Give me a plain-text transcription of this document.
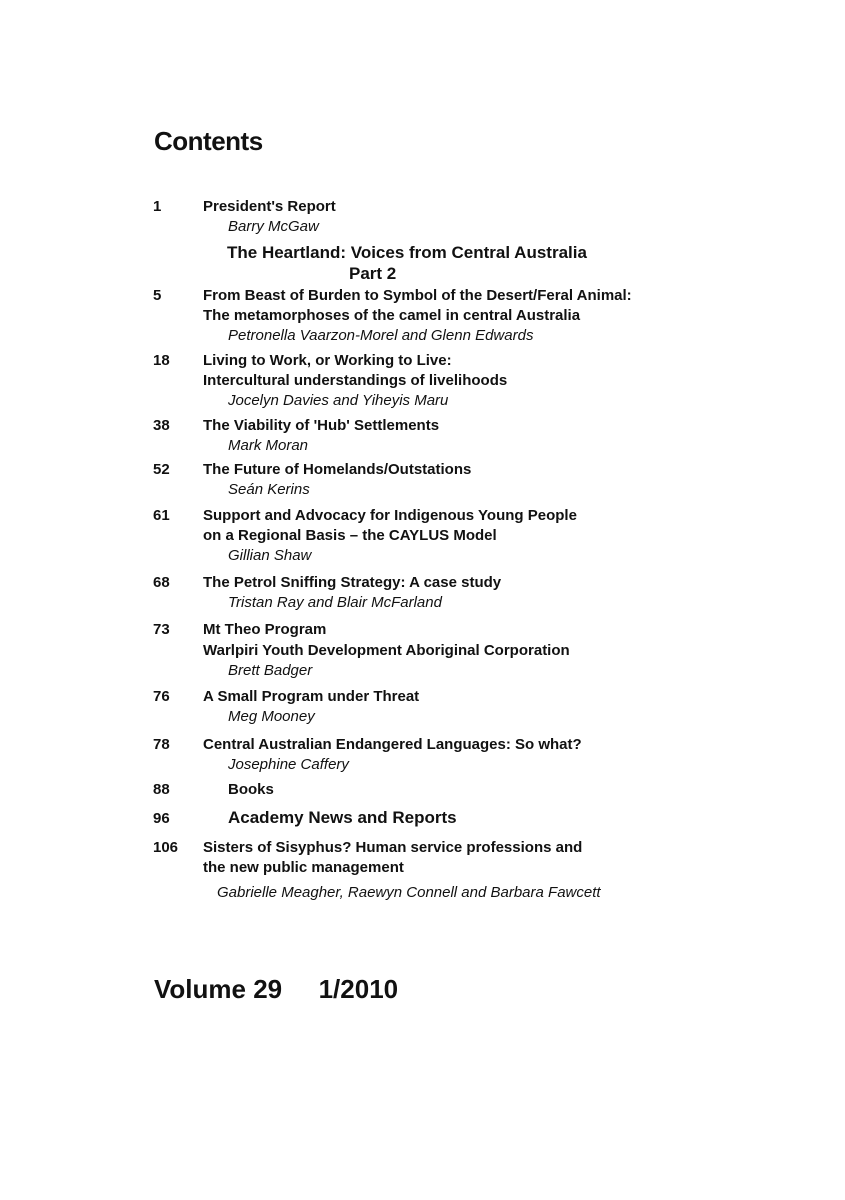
Contents
1	President's Report
Barry McGaw
The Heartland: Voices from Central Australia
Part 2
5	From Beast of Burden to Symbol of the Desert/Feral Animal:
The metamorphoses of the camel in central Australia
Petronella Vaarzon-Morel and Glenn Edwards
18 Living to Work, or Working to Live:
Intercultural understandings of livelihoods
Jocelyn Davies and Yiheyis Maru
38 The Viability of 'Hub' Settlements
Mark Moran
52 The Future of Homelands/Outstations
Seán Kerins
61 Support and Advocacy for Indigenous Young People
on a Regional Basis – the CAYLUS Model
Gillian Shaw
68 The Petrol Sniffing Strategy: A case study
Tristan Ray and Blair McFarland
73 Mt Theo Program
Warlpiri Youth Development Aboriginal Corporation
Brett Badger
76 A Small Program under Threat
Meg Mooney
78 Central Australian Endangered Languages: So what?
Josephine Caffery
88	Books
96	Academy News and Reports
106 Sisters of Sisyphus? Human service professions and
the new public management
Gabrielle Meagher, Raewyn Connell and Barbara Fawcett
Volume 29 1/2010
